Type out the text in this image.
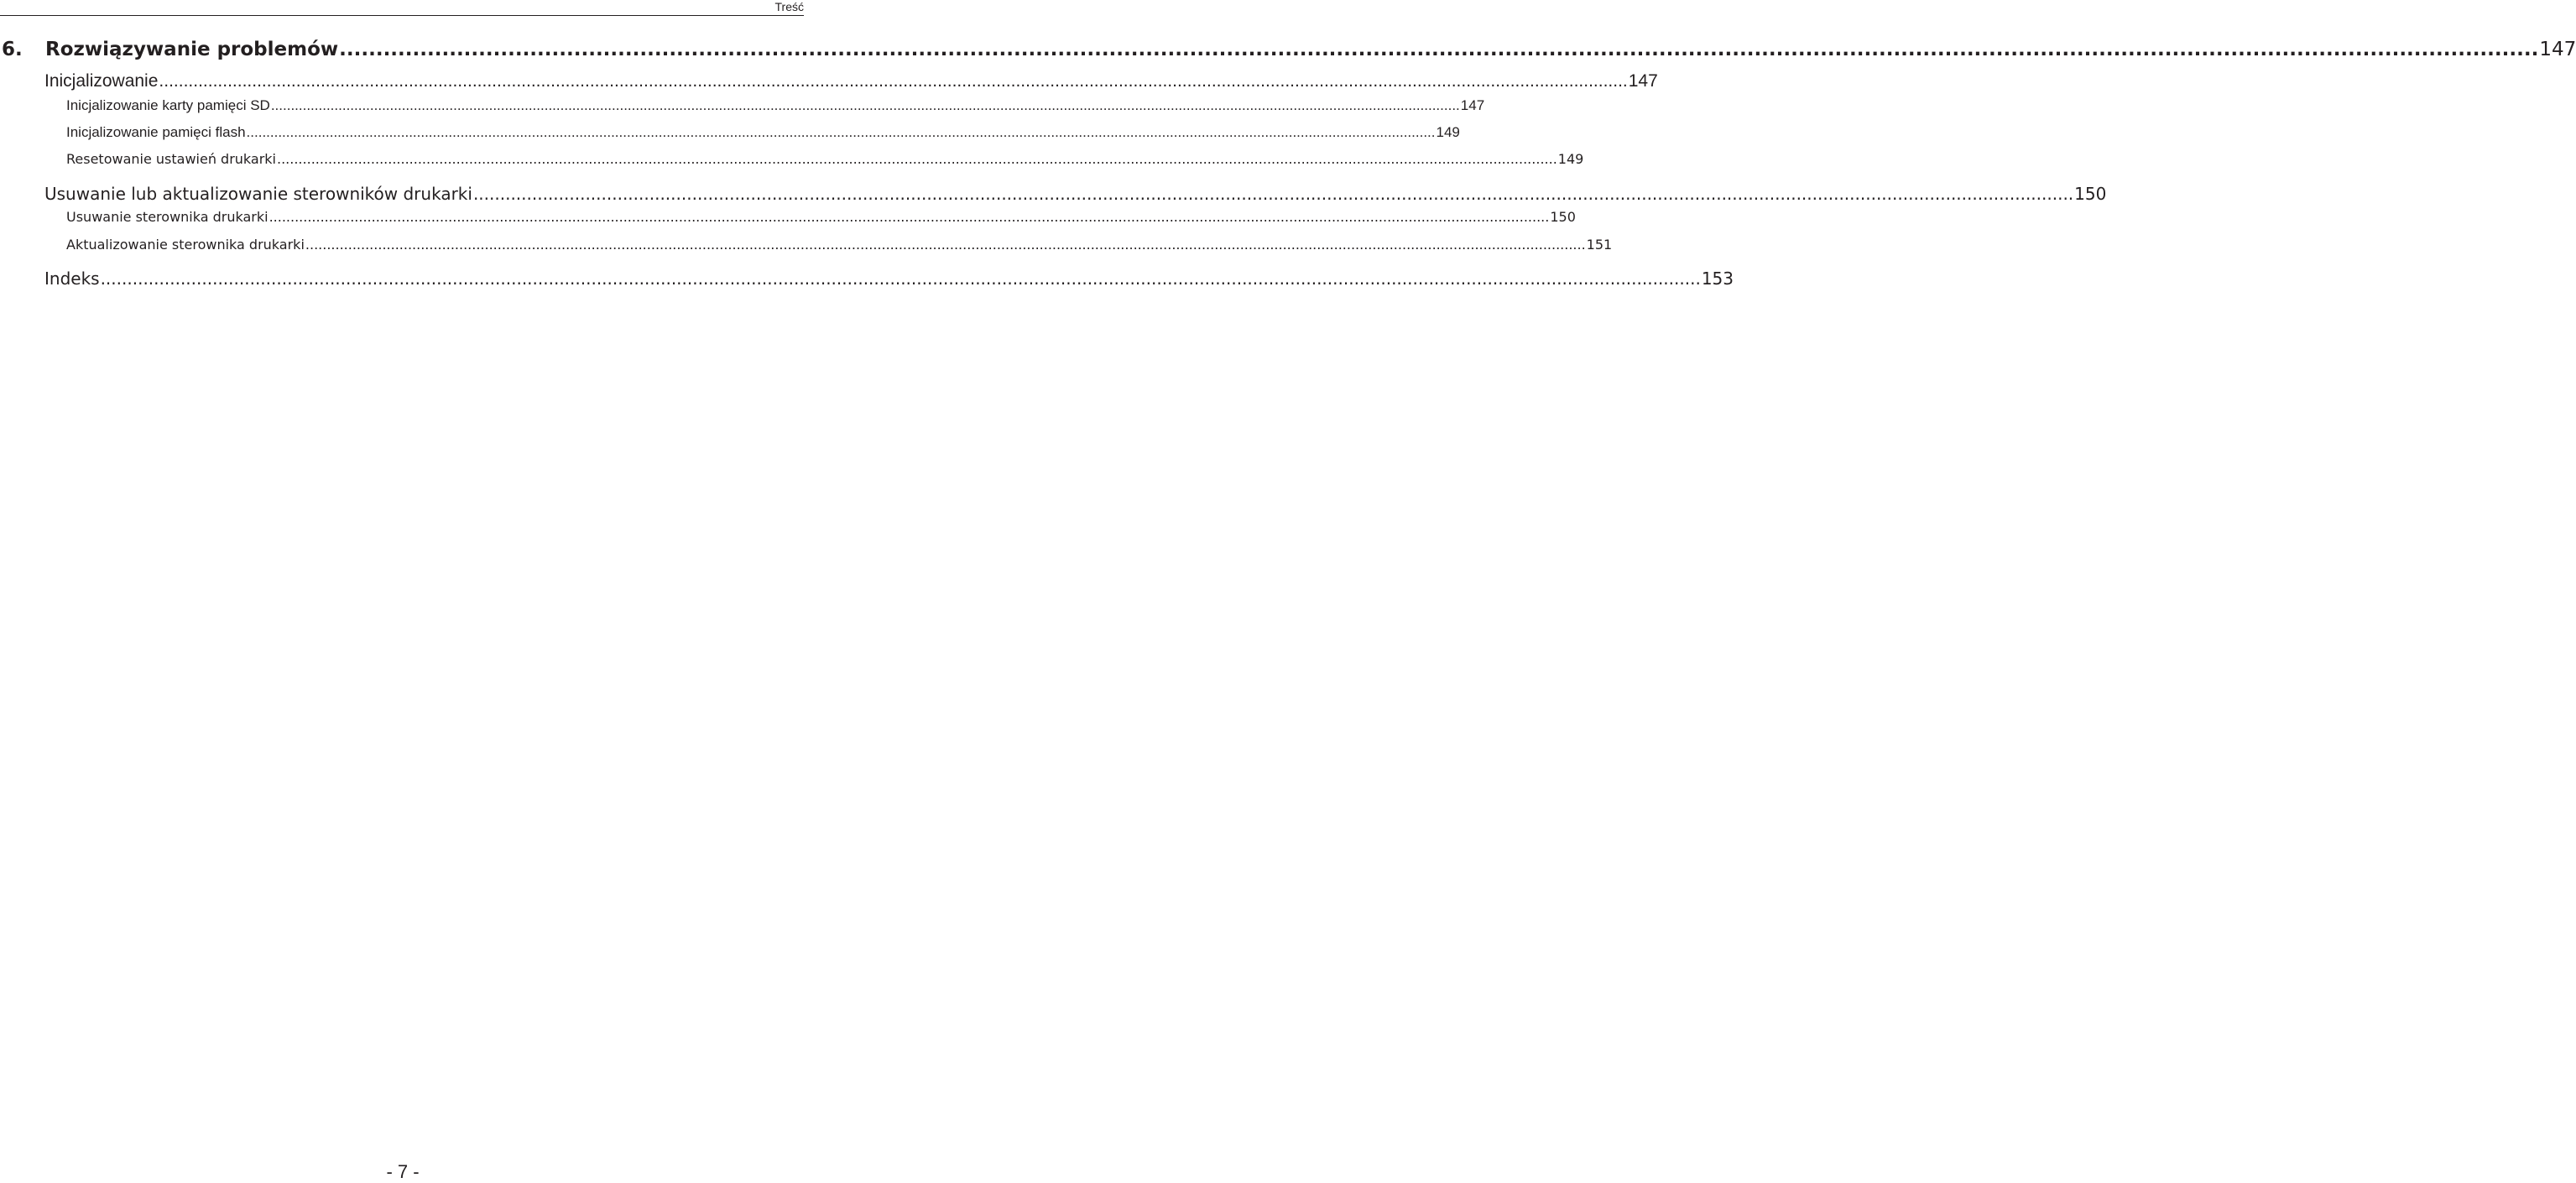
Treść
6.	Rozwiązywanie problemów ............................................................................................................................................................................................................................................................................................................ 147
Inicjalizowanie ............................................................................................................................................................................................................................................................................................................ 147
Inicjalizowanie karty pamięci SD ............................................................................................................................................................................................................................................................................................................ 147
Inicjalizowanie pamięci flash ............................................................................................................................................................................................................................................................................................................ 149
Resetowanie ustawień drukarki ............................................................................................................................................................................................................................................................................................................ 149
Usuwanie lub aktualizowanie sterowników drukarki ............................................................................................................................................................................................................................................................................................................ 150
Usuwanie sterownika drukarki ............................................................................................................................................................................................................................................................................................................ 150
Aktualizowanie sterownika drukarki ............................................................................................................................................................................................................................................................................................................ 151
Indeks ............................................................................................................................................................................................................................................................................................................ 153
- 7 -
